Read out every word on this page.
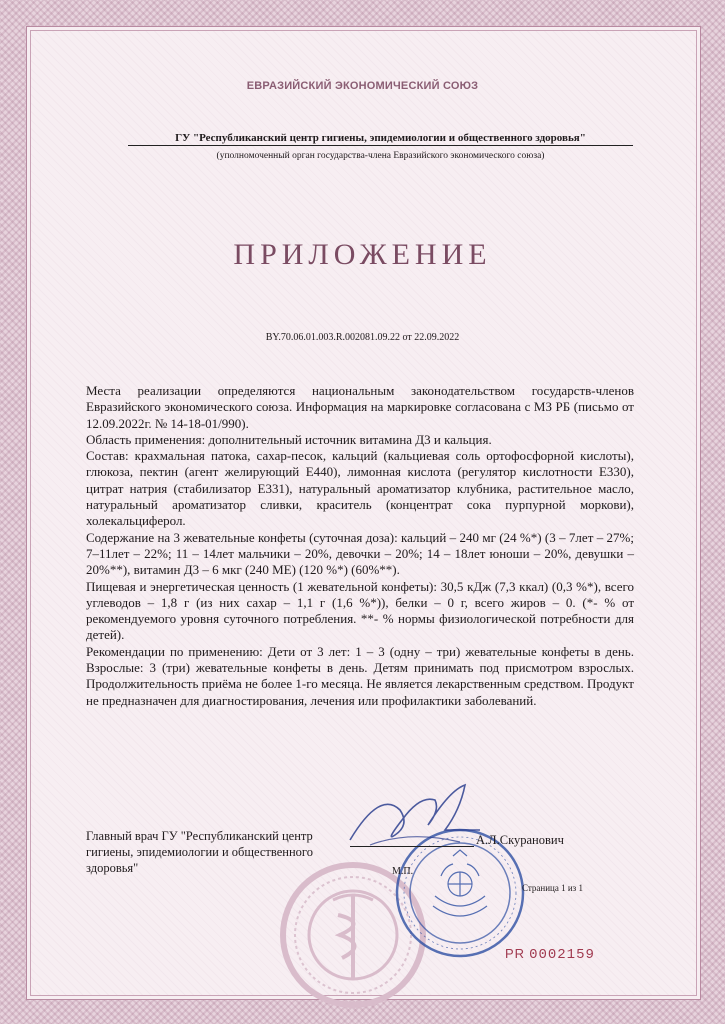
ЕВРАЗИЙСКИЙ ЭКОНОМИЧЕСКИЙ СОЮЗ
ГУ "Республиканский центр гигиены, эпидемиологии и общественного здоровья"
(уполномоченный орган государства-члена Евразийского экономического союза)
ПРИЛОЖЕНИЕ
BY.70.06.01.003.R.002081.09.22 от 22.09.2022

Места реализации определяются национальным законодательством государств-членов Евразийского экономического союза. Информация на маркировке согласована с МЗ РБ (письмо от 12.09.2022г. № 14-18-01/990).

Область применения: дополнительный источник витамина Д3 и кальция.

Состав: крахмальная патока, сахар-песок, кальций (кальциевая соль ортофосфорной кислоты), глюкоза, пектин (агент желирующий Е440), лимонная кислота (регулятор кислотности Е330), цитрат натрия (стабилизатор Е331), натуральный ароматизатор клубника, растительное масло, натуральный ароматизатор сливки, краситель (концентрат сока пурпурной моркови), холекальциферол.

Содержание на 3 жевательные конфеты (суточная доза): кальций – 240 мг (24 %*) (3 – 7лет – 27%; 7–11лет – 22%; 11 – 14лет мальчики – 20%, девочки – 20%; 14 – 18лет юноши – 20%, девушки – 20%**), витамин Д3 – 6 мкг (240 МЕ) (120 %*) (60%**).

Пищевая и энергетическая ценность (1 жевательной конфеты): 30,5 кДж (7,3 ккал) (0,3 %*), всего углеводов – 1,8 г (из них сахар – 1,1 г (1,6 %*)), белки – 0 г, всего жиров – 0. (*- % от рекомендуемого уровня суточного потребления. **- % нормы физиологической потребности для детей).

Рекомендации по применению: Дети от 3 лет: 1 – 3 (одну – три) жевательные конфеты в день. Взрослые: 3 (три) жевательные конфеты в день. Детям принимать под присмотром взрослых. Продолжительность приёма не более 1-го месяца. Не является лекарственным средством. Продукт не предназначен для диагностирования, лечения или профилактики заболеваний.

Главный врач ГУ "Республиканский центр гигиены, эпидемиологии и общественного здоровья"
А.Л.Скуранович
М.П.
Страница 1 из 1
PR 0002159
